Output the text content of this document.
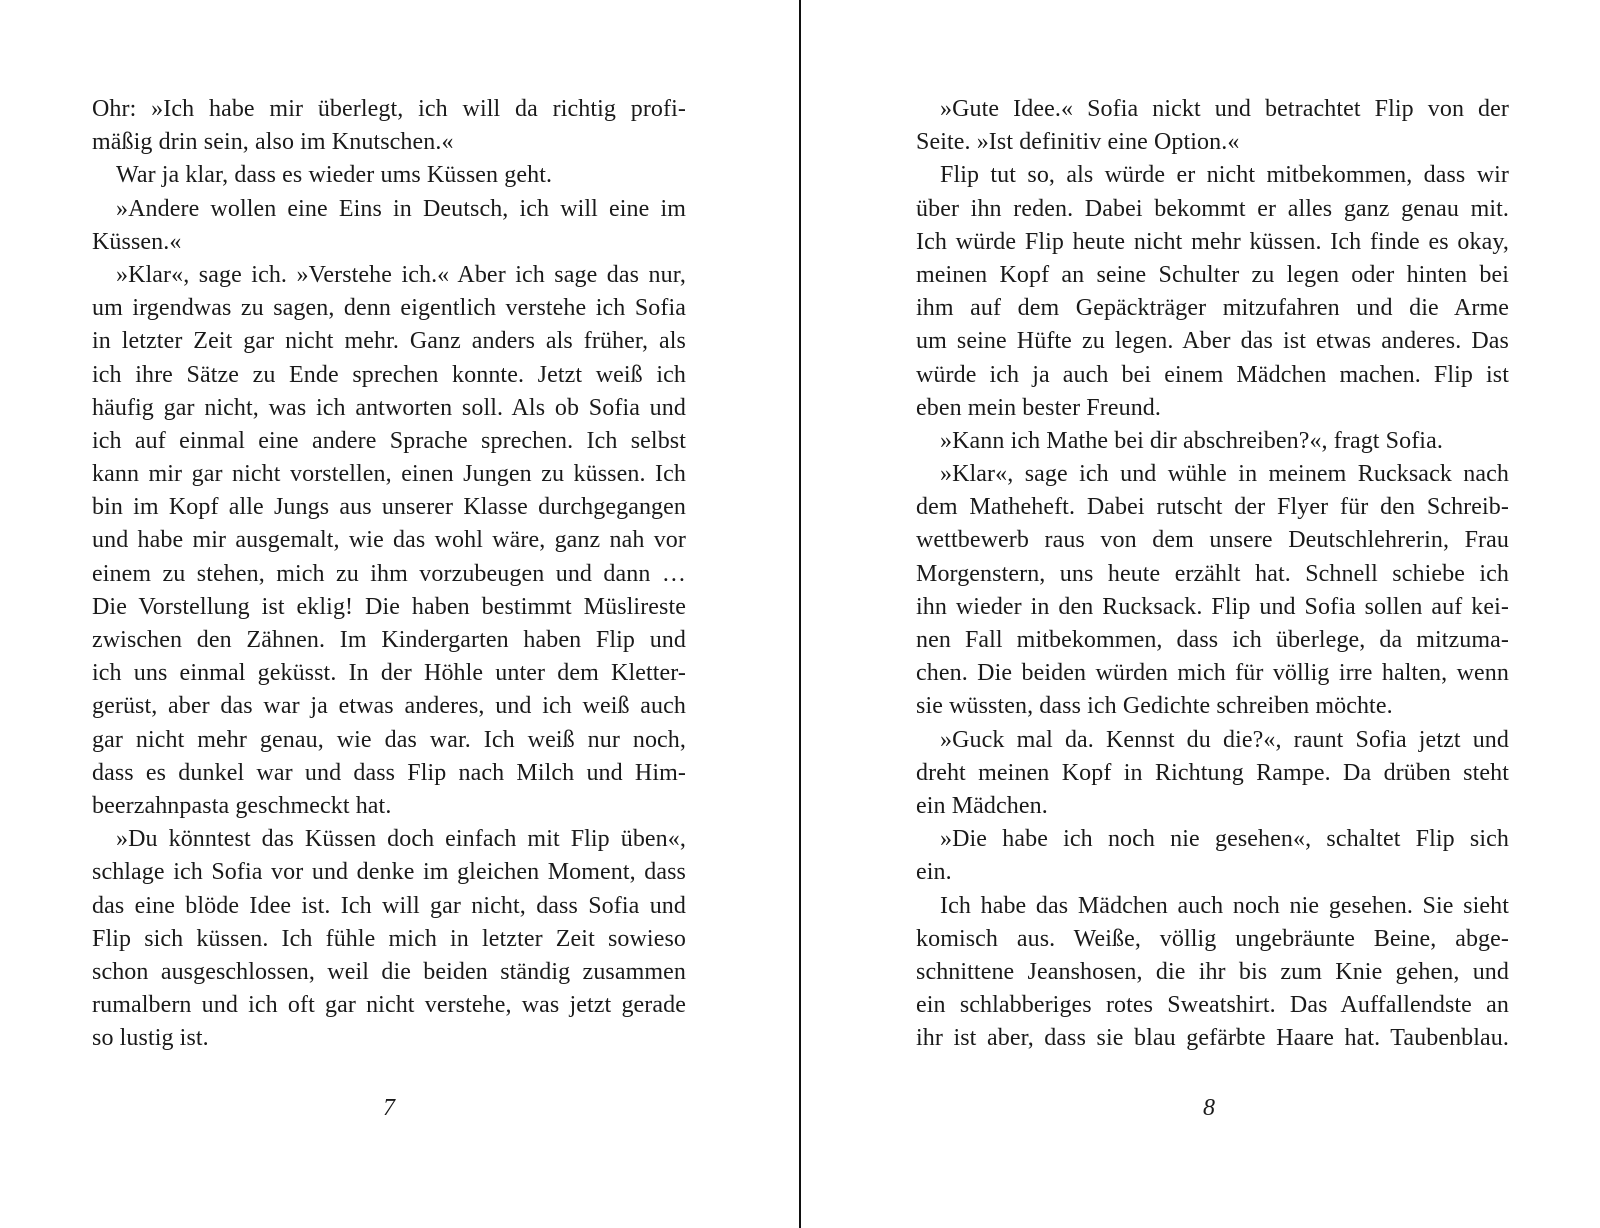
Ohr: »Ich habe mir überlegt, ich will da richtig profi-
mäßig drin sein, also im Knutschen.«
War ja klar, dass es wieder ums Küssen geht.
»Andere wollen eine Eins in Deutsch, ich will eine im
Küssen.«
»Klar«, sage ich. »Verstehe ich.« Aber ich sage das nur,
um irgendwas zu sagen, denn eigentlich verstehe ich Sofia
in letzter Zeit gar nicht mehr. Ganz anders als früher, als
ich ihre Sätze zu Ende sprechen konnte. Jetzt weiß ich
häufig gar nicht, was ich antworten soll. Als ob Sofia und
ich auf einmal eine andere Sprache sprechen. Ich selbst
kann mir gar nicht vorstellen, einen Jungen zu küssen. Ich
bin im Kopf alle Jungs aus unserer Klasse durchgegangen
und habe mir ausgemalt, wie das wohl wäre, ganz nah vor
einem zu stehen, mich zu ihm vorzubeugen und dann …
Die Vorstellung ist eklig! Die haben bestimmt Müslireste
zwischen den Zähnen. Im Kindergarten haben Flip und
ich uns einmal geküsst. In der Höhle unter dem Kletter-
gerüst, aber das war ja etwas anderes, und ich weiß auch
gar nicht mehr genau, wie das war. Ich weiß nur noch,
dass es dunkel war und dass Flip nach Milch und Him-
beerzahnpasta geschmeckt hat.
»Du könntest das Küssen doch einfach mit Flip üben«,
schlage ich Sofia vor und denke im gleichen Moment, dass
das eine blöde Idee ist. Ich will gar nicht, dass Sofia und
Flip sich küssen. Ich fühle mich in letzter Zeit sowieso
schon ausgeschlossen, weil die beiden ständig zusammen
rumalbern und ich oft gar nicht verstehe, was jetzt gerade
so lustig ist.
7
»Gute Idee.« Sofia nickt und betrachtet Flip von der
Seite. »Ist definitiv eine Option.«
Flip tut so, als würde er nicht mitbekommen, dass wir
über ihn reden. Dabei bekommt er alles ganz genau mit.
Ich würde Flip heute nicht mehr küssen. Ich finde es okay,
meinen Kopf an seine Schulter zu legen oder hinten bei
ihm auf dem Gepäckträger mitzufahren und die Arme
um seine Hüfte zu legen. Aber das ist etwas anderes. Das
würde ich ja auch bei einem Mädchen machen. Flip ist
eben mein bester Freund.
»Kann ich Mathe bei dir abschreiben?«, fragt Sofia.
»Klar«, sage ich und wühle in meinem Rucksack nach
dem Matheheft. Dabei rutscht der Flyer für den Schreib-
wettbewerb raus von dem unsere Deutschlehrerin, Frau
Morgenstern, uns heute erzählt hat. Schnell schiebe ich
ihn wieder in den Rucksack. Flip und Sofia sollen auf kei-
nen Fall mitbekommen, dass ich überlege, da mitzuma-
chen. Die beiden würden mich für völlig irre halten, wenn
sie wüssten, dass ich Gedichte schreiben möchte.
»Guck mal da. Kennst du die?«, raunt Sofia jetzt und
dreht meinen Kopf in Richtung Rampe. Da drüben steht
ein Mädchen.
»Die habe ich noch nie gesehen«, schaltet Flip sich
ein.
Ich habe das Mädchen auch noch nie gesehen. Sie sieht
komisch aus. Weiße, völlig ungebräunte Beine, abge-
schnittene Jeanshosen, die ihr bis zum Knie gehen, und
ein schlabberiges rotes Sweatshirt. Das Auffallendste an
ihr ist aber, dass sie blau gefärbte Haare hat. Taubenblau.
8
